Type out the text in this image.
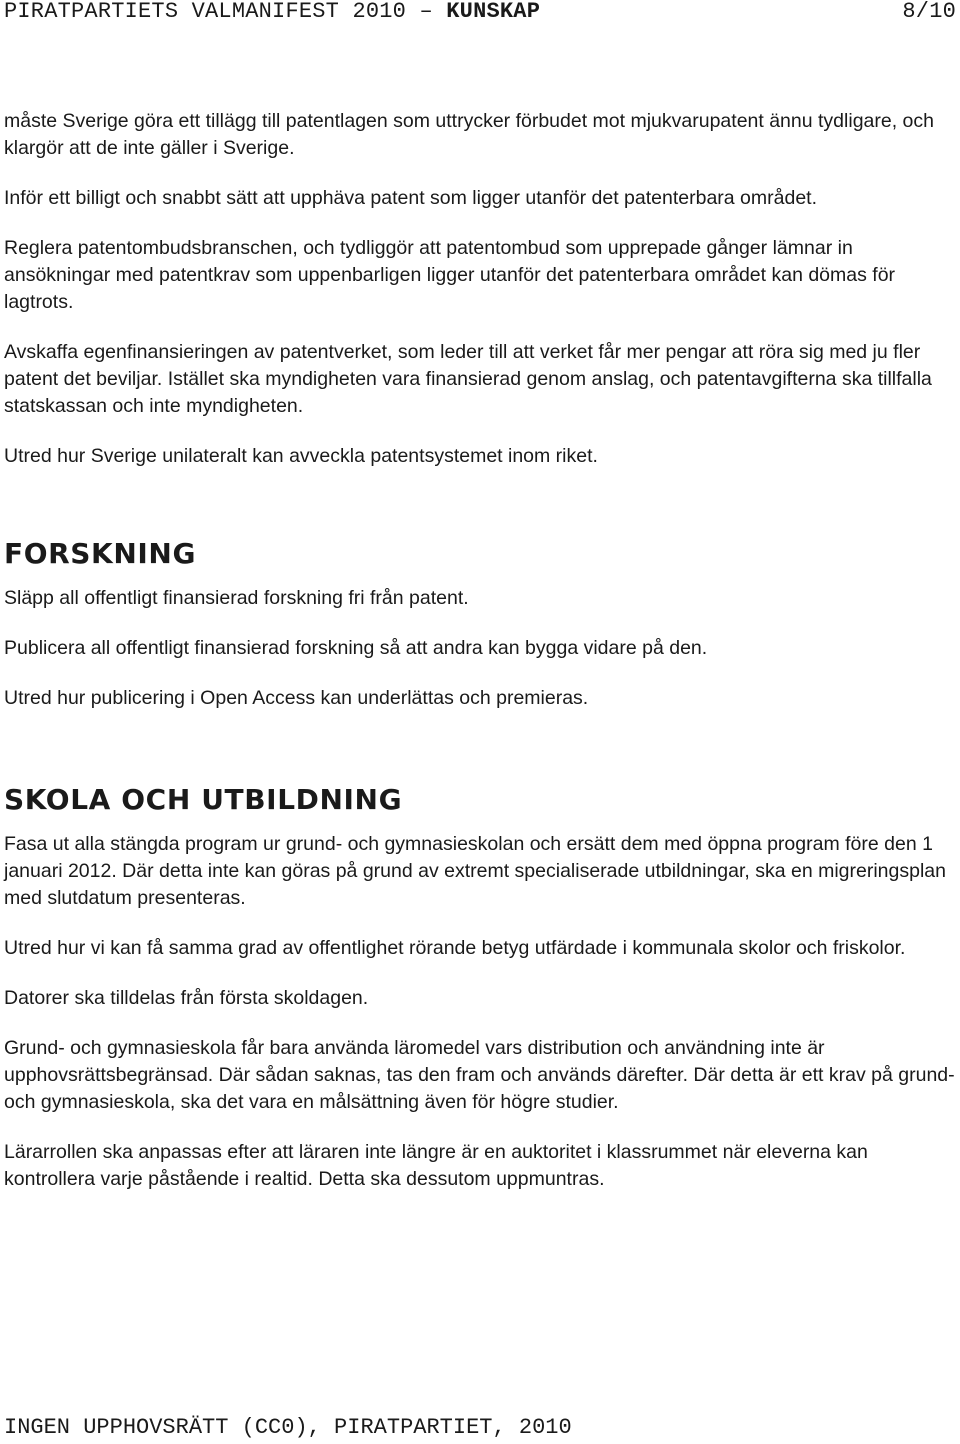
PIRATPARTIETS VALMANIFEST 2010 – KUNSKAP	8/10

måste Sverige göra ett tillägg till patentlagen som uttrycker förbudet mot mjukvarupatent ännu tydligare, och klargör att de inte gäller i Sverige.

Inför ett billigt och snabbt sätt att upphäva patent som ligger utanför det patenterbara området.

Reglera patentombudsbranschen, och tydliggör att patentombud som upprepade gånger lämnar in ansökningar med patentkrav som uppenbarligen ligger utanför det patenterbara området kan dömas för lagtrots.

Avskaffa egenfinansieringen av patentverket, som leder till att verket får mer pengar att röra sig med ju fler patent det beviljar. Istället ska myndigheten vara finansierad genom anslag, och patentavgifterna ska tillfalla statskassan och inte myndigheten.

Utred hur Sverige unilateralt kan avveckla patentsystemet inom riket.

FORSKNING

Släpp all offentligt finansierad forskning fri från patent.

Publicera all offentligt finansierad forskning så att andra kan bygga vidare på den.

Utred hur publicering i Open Access kan underlättas och premieras.

SKOLA OCH UTBILDNING

Fasa ut alla stängda program ur grund- och gymnasieskolan och ersätt dem med öppna program före den 1 januari 2012. Där detta inte kan göras på grund av extremt specialiserade utbildningar, ska en migreringsplan med slutdatum presenteras.

Utred hur vi kan få samma grad av offentlighet rörande betyg utfärdade i kommunala skolor och friskolor.

Datorer ska tilldelas från första skoldagen.

Grund- och gymnasieskola får bara använda läromedel vars distribution och användning inte är upphovsrättsbegränsad. Där sådan saknas, tas den fram och används därefter. Där detta är ett krav på grund- och gymnasieskola, ska det vara en målsättning även för högre studier.

Lärarrollen ska anpassas efter att läraren inte längre är en auktoritet i klassrummet när eleverna kan kontrollera varje påstående i realtid. Detta ska dessutom uppmuntras.

INGEN UPPHOVSRÄTT (CC0), PIRATPARTIET, 2010
